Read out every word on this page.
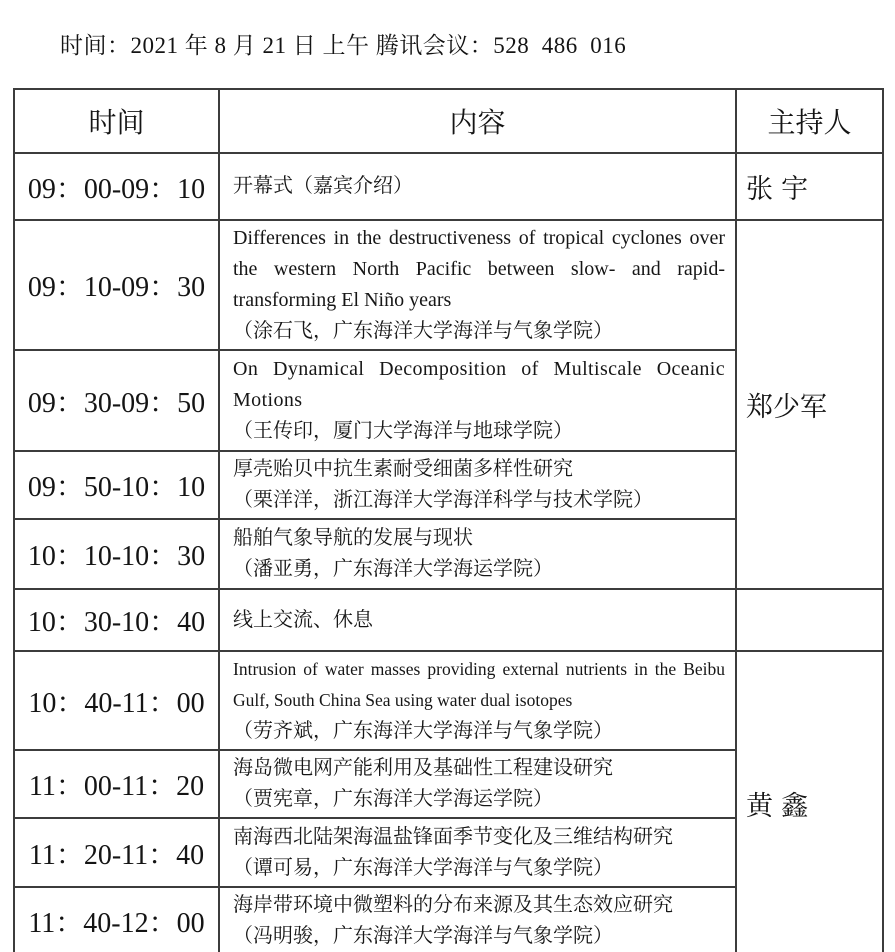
时间：2021 年 8 月 21 日 上午 腾讯会议：528  486  016
时间	内容	主持人
09：00-09：10	开幕式（嘉宾介绍）	张宇
09：10-09：30	Differences in the destructiveness of tropical cyclones over the western North Pacific between slow- and rapid-transforming El Niño years
（涂石飞，广东海洋大学海洋与气象学院）	郑少军
09：30-09：50	On Dynamical Decomposition of Multiscale Oceanic Motions
（王传印，厦门大学海洋与地球学院）	

09：50-10：10	厚壳贻贝中抗生素耐受细菌多样性研究
（栗洋洋，浙江海洋大学海洋科学与技术学院）	

10：10-10：30	船舶气象导航的发展与现状
（潘亚勇，广东海洋大学海运学院）	

10：30-10：40	线上交流、休息	

10：40-11：00	Intrusion of water masses providing external nutrients in the Beibu Gulf, South China Sea using water dual isotopes
（劳齐斌，广东海洋大学海洋与气象学院）	黄鑫
11：00-11：20	海岛微电网产能利用及基础性工程建设研究
（贾宪章，广东海洋大学海运学院）	

11：20-11：40	南海西北陆架海温盐锋面季节变化及三维结构研究
（谭可易，广东海洋大学海洋与气象学院）	

11：40-12：00	海岸带环境中微塑料的分布来源及其生态效应研究
（冯明骏，广东海洋大学海洋与气象学院）	
